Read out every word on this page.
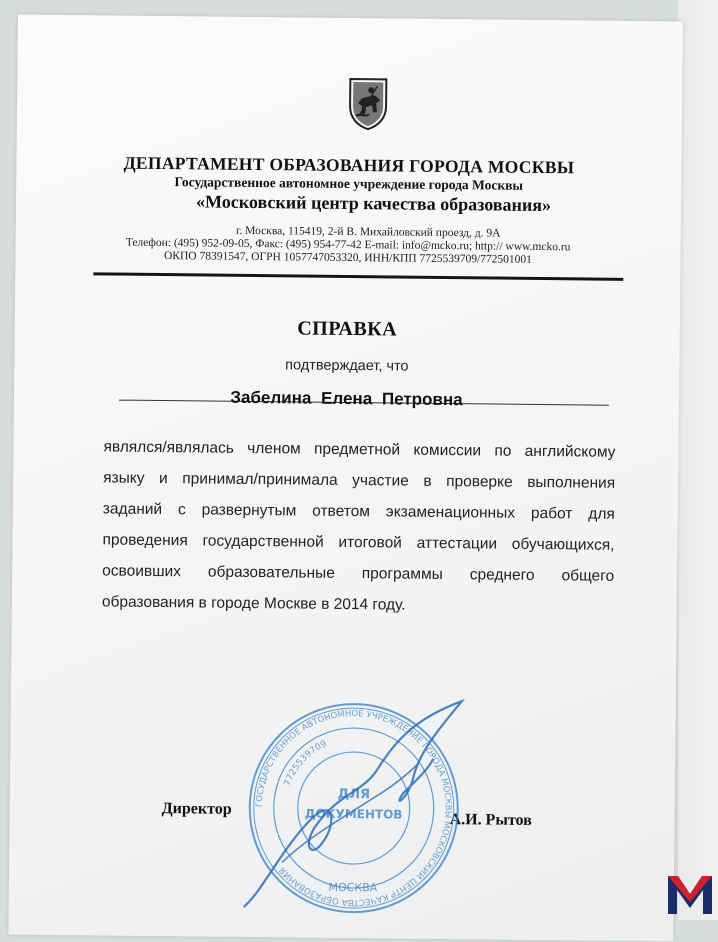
ДЕПАРТАМЕНТ ОБРАЗОВАНИЯ ГОРОДА МОСКВЫ
Государственное автономное учреждение города Москвы
«Московский центр качества образования»
г. Москва, 115419, 2-й В. Михайловский проезд, д. 9А
Телефон: (495) 952-09-05, Факс: (495) 954-77-42 E-mail: info@mcko.ru; http:// www.mcko.ru
ОКПО 78391547, ОГРН 1057747053320, ИНН/КПП 7725539709/772501001
СПРАВКА
подтверждает, что
Забелина Елена Петровна
являлся/являлась членом предметной комиссии по английскому
языку и принимал/принимала участие в проверке выполнения
заданий с развернутым ответом экзаменационных работ для
проведения государственной итоговой аттестации обучающихся,
освоивших образовательные программы среднего общего
образования в городе Москве в 2014 году.
Директор
А.И. Рытов
ГОСУДАРСТВЕННОЕ АВТОНОМНОЕ УЧРЕЖДЕНИЕ ГОРОДА МОСКВЫ МОСКОВСКИЙ ЦЕНТР КАЧЕСТВА ОБРАЗОВАНИЯ
7725539709
ДЛЯ
ДОКУМЕНТОВ
МОСКВА
